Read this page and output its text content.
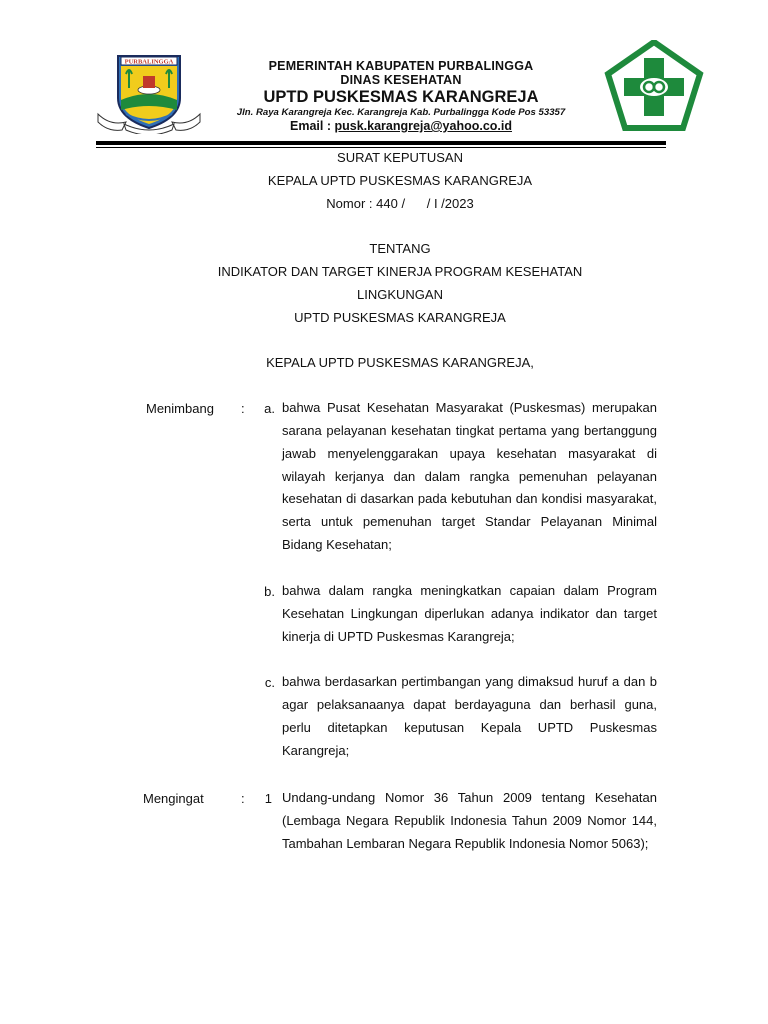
PURBALINGGA	PEMERINTAH KABUPATEN PURBALINGGA
DINAS KESEHATAN
UPTD PUSKESMAS KARANGREJA
Jln. Raya Karangreja Kec. Karangreja Kab. Purbalingga Kode Pos 53357
Email : pusk.karangreja@yahoo.co.id
SURAT KEPUTUSAN
KEPALA UPTD PUSKESMAS KARANGREJA
Nomor : 440 /      / I /2023
TENTANG
INDIKATOR DAN TARGET KINERJA PROGRAM KESEHATAN
LINGKUNGAN
UPTD PUSKESMAS KARANGREJA
KEPALA UPTD PUSKESMAS KARANGREJA,
Menimbang :	a. bahwa Pusat Kesehatan Masyarakat (Puskesmas) merupakan sarana pelayanan kesehatan tingkat pertama yang bertanggung jawab menyelenggarakan upaya kesehatan masyarakat di wilayah kerjanya dan dalam rangka pemenuhan pelayanan kesehatan di dasarkan pada kebutuhan dan kondisi masyarakat, serta untuk pemenuhan target Standar Pelayanan Minimal Bidang Kesehatan;
b. bahwa dalam rangka meningkatkan capaian dalam Program Kesehatan Lingkungan diperlukan adanya indikator dan target kinerja di UPTD Puskesmas Karangreja;
c. bahwa berdasarkan pertimbangan yang dimaksud huruf a dan b agar pelaksanaanya dapat berdayaguna dan berhasil guna, perlu ditetapkan keputusan Kepala UPTD Puskesmas Karangreja;
Mengingat	:	1 Undang-undang Nomor 36 Tahun 2009 tentang Kesehatan (Lembaga Negara Republik Indonesia Tahun 2009 Nomor 144, Tambahan Lembaran Negara Republik Indonesia Nomor 5063);
